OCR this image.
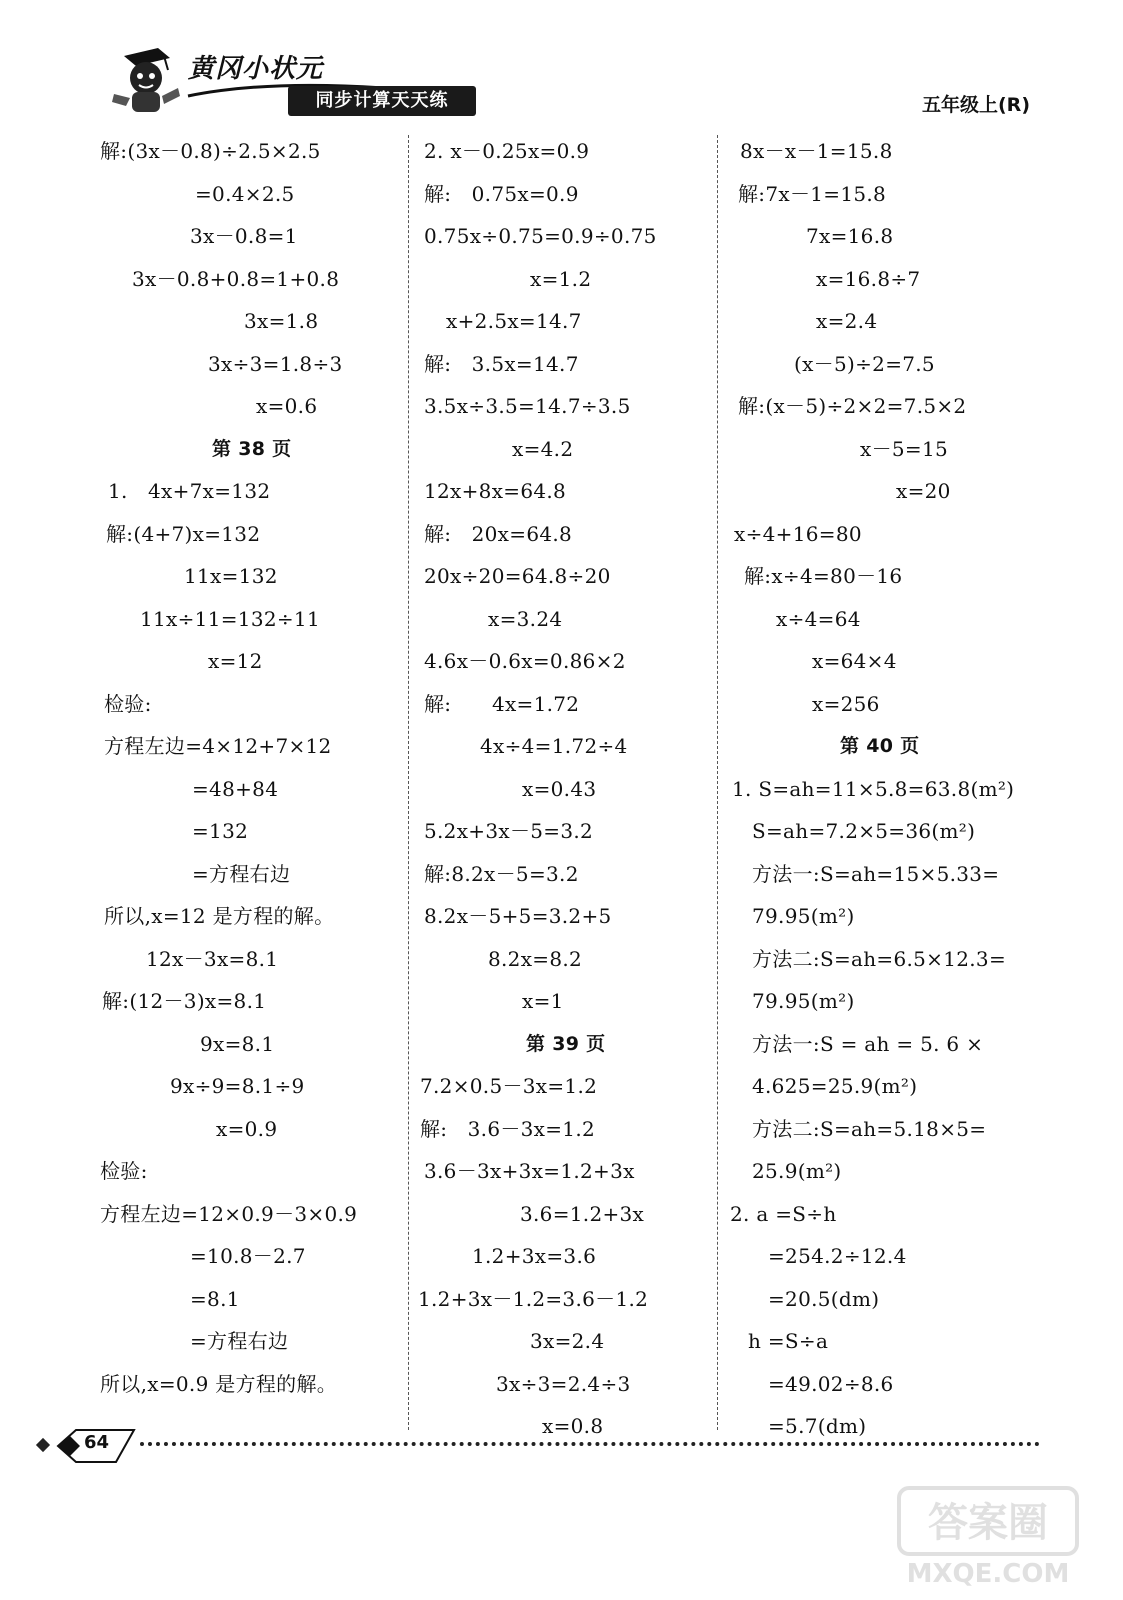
黄冈小状元
同步计算天天练	五年级上(R)
解:(3x－0.8)÷2.5×2.5
=0.4×2.5
3x－0.8=1
3x－0.8+0.8=1+0.8
3x=1.8
3x÷3=1.8÷3
x=0.6
第 38 页
1.　4x+7x=132
解:(4+7)x=132
11x=132
11x÷11=132÷11
x=12
检验:
方程左边=4×12+7×12
=48+84
=132
=方程右边
所以,x=12 是方程的解。
12x－3x=8.1
解:(12－3)x=8.1
9x=8.1
9x÷9=8.1÷9
x=0.9
检验:
方程左边=12×0.9－3×0.9
=10.8－2.7
=8.1
=方程右边
所以,x=0.9 是方程的解。
2. x－0.25x=0.9
解:　0.75x=0.9
0.75x÷0.75=0.9÷0.75
x=1.2
x+2.5x=14.7
解:　3.5x=14.7
3.5x÷3.5=14.7÷3.5
x=4.2
12x+8x=64.8
解:　20x=64.8
20x÷20=64.8÷20
x=3.24
4.6x－0.6x=0.86×2
解:　　4x=1.72
4x÷4=1.72÷4
x=0.43
5.2x+3x－5=3.2
解:8.2x－5=3.2
8.2x－5+5=3.2+5
8.2x=8.2
x=1
第 39 页
7.2×0.5－3x=1.2
解:　3.6－3x=1.2
3.6－3x+3x=1.2+3x
3.6=1.2+3x
1.2+3x=3.6
1.2+3x－1.2=3.6－1.2
3x=2.4
3x÷3=2.4÷3
x=0.8
8x－x－1=15.8
解:7x－1=15.8
7x=16.8
x=16.8÷7
x=2.4
(x－5)÷2=7.5
解:(x－5)÷2×2=7.5×2
x－5=15
x=20
x÷4+16=80
解:x÷4=80－16
x÷4=64
x=64×4
x=256
第 40 页
1. S=ah=11×5.8=63.8(m²)
S=ah=7.2×5=36(m²)
方法一:S=ah=15×5.33=
79.95(m²)
方法二:S=ah=6.5×12.3=
79.95(m²)
方法一:S = ah = 5. 6 ×
4.625=25.9(m²)
方法二:S=ah=5.18×5=
25.9(m²)
2. a =S÷h
=254.2÷12.4
=20.5(dm)
h =S÷a
=49.02÷8.6
=5.7(dm)
64
答案圈
MXQE.COM
